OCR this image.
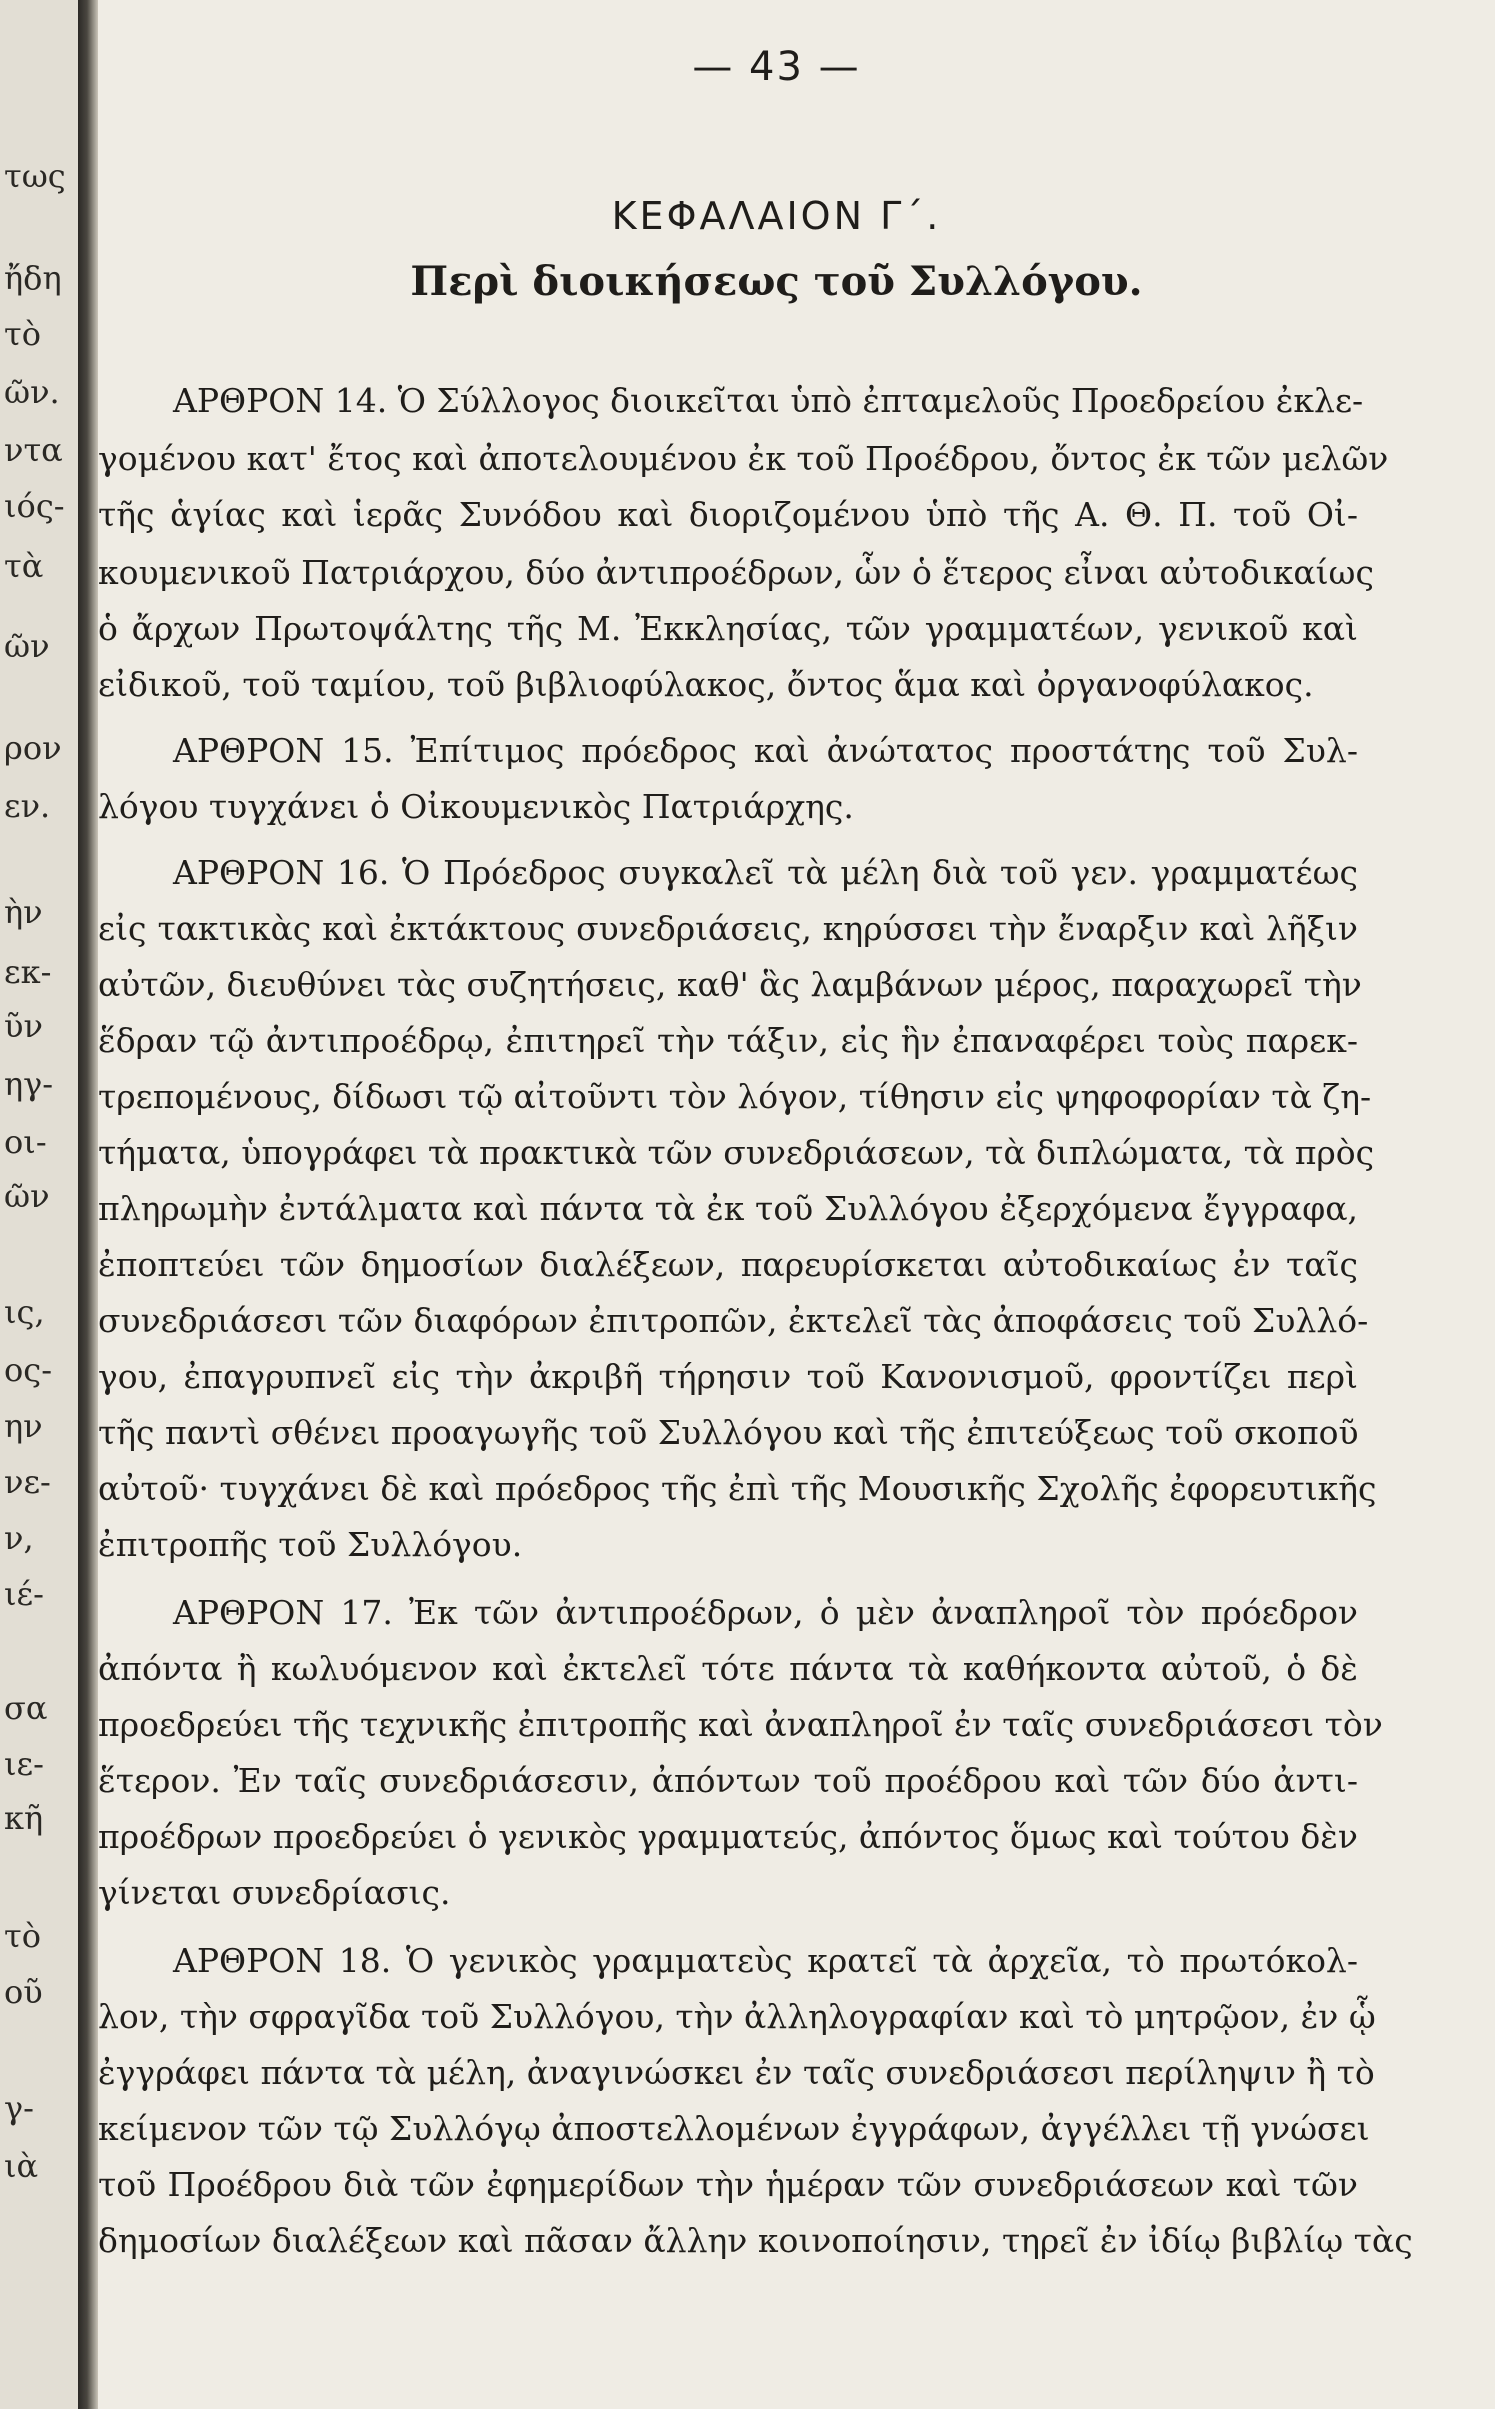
τως
ἤδη
τὸ
ῶν.
ντα
ιός-
τὰ
ῶν
ρον
εν.
ὴν
εκ-
ῦν
ηγ-
οι-
ῶν
ις,
ος-
ην
νε-
ν,
ιέ-
σα
ιε-
κῆ
τὸ
οῦ
γ-
ιὰ
— 43 —
ΚΕΦΑΛΑΙΟΝ Γ΄.
Περὶ διοικήσεως τοῦ Συλλόγου.
ΑΡΘΡΟΝ 14. Ὁ Σύλλογος διοικεῖται ὑπὸ ἐπταμελοῦς Προεδρείου ἐκλε-
γομένου κατ' ἔτος καὶ ἀποτελουμένου ἐκ τοῦ Προέδρου, ὄντος ἐκ τῶν μελῶν
τῆς ἁγίας καὶ ἱερᾶς Συνόδου καὶ διοριζομένου ὑπὸ τῆς Α. Θ. Π. τοῦ Οἰ-
κουμενικοῦ Πατριάρχου, δύο ἀντιπροέδρων, ὧν ὁ ἕτερος εἶναι αὐτοδικαίως
ὁ ἄρχων Πρωτοψάλτης τῆς Μ. Ἐκκλησίας, τῶν γραμματέων, γενικοῦ καὶ
εἰδικοῦ, τοῦ ταμίου, τοῦ βιβλιοφύλακος, ὄντος ἅμα καὶ ὀργανοφύλακος.
ΑΡΘΡΟΝ 15. Ἐπίτιμος πρόεδρος καὶ ἀνώτατος προστάτης τοῦ Συλ-
λόγου τυγχάνει ὁ Οἰκουμενικὸς Πατριάρχης.
ΑΡΘΡΟΝ 16. Ὁ Πρόεδρος συγκαλεῖ τὰ μέλη διὰ τοῦ γεν. γραμματέως
εἰς τακτικὰς καὶ ἐκτάκτους συνεδριάσεις, κηρύσσει τὴν ἔναρξιν καὶ λῆξιν
αὐτῶν, διευθύνει τὰς συζητήσεις, καθ' ἃς λαμβάνων μέρος, παραχωρεῖ τὴν
ἕδραν τῷ ἀντιπροέδρῳ, ἐπιτηρεῖ τὴν τάξιν, εἰς ἣν ἐπαναφέρει τοὺς παρεκ-
τρεπομένους, δίδωσι τῷ αἰτοῦντι τὸν λόγον, τίθησιν εἰς ψηφοφορίαν τὰ ζη-
τήματα, ὑπογράφει τὰ πρακτικὰ τῶν συνεδριάσεων, τὰ διπλώματα, τὰ πρὸς
πληρωμὴν ἐντάλματα καὶ πάντα τὰ ἐκ τοῦ Συλλόγου ἐξερχόμενα ἔγγραφα,
ἐποπτεύει τῶν δημοσίων διαλέξεων, παρευρίσκεται αὐτοδικαίως ἐν ταῖς
συνεδριάσεσι τῶν διαφόρων ἐπιτροπῶν, ἐκτελεῖ τὰς ἀποφάσεις τοῦ Συλλό-
γου, ἐπαγρυπνεῖ εἰς τὴν ἀκριβῆ τήρησιν τοῦ Κανονισμοῦ, φροντίζει περὶ
τῆς παντὶ σθένει προαγωγῆς τοῦ Συλλόγου καὶ τῆς ἐπιτεύξεως τοῦ σκοποῦ
αὐτοῦ· τυγχάνει δὲ καὶ πρόεδρος τῆς ἐπὶ τῆς Μουσικῆς Σχολῆς ἐφορευτικῆς
ἐπιτροπῆς τοῦ Συλλόγου.
ΑΡΘΡΟΝ 17. Ἐκ τῶν ἀντιπροέδρων, ὁ μὲν ἀναπληροῖ τὸν πρόεδρον
ἀπόντα ἢ κωλυόμενον καὶ ἐκτελεῖ τότε πάντα τὰ καθήκοντα αὐτοῦ, ὁ δὲ
προεδρεύει τῆς τεχνικῆς ἐπιτροπῆς καὶ ἀναπληροῖ ἐν ταῖς συνεδριάσεσι τὸν
ἕτερον. Ἐν ταῖς συνεδριάσεσιν, ἀπόντων τοῦ προέδρου καὶ τῶν δύο ἀντι-
προέδρων προεδρεύει ὁ γενικὸς γραμματεύς, ἀπόντος ὅμως καὶ τούτου δὲν
γίνεται συνεδρίασις.
ΑΡΘΡΟΝ 18. Ὁ γενικὸς γραμματεὺς κρατεῖ τὰ ἀρχεῖα, τὸ πρωτόκολ-
λον, τὴν σφραγῖδα τοῦ Συλλόγου, τὴν ἀλληλογραφίαν καὶ τὸ μητρῷον, ἐν ᾧ
ἐγγράφει πάντα τὰ μέλη, ἀναγινώσκει ἐν ταῖς συνεδριάσεσι περίληψιν ἢ τὸ
κείμενον τῶν τῷ Συλλόγῳ ἀποστελλομένων ἐγγράφων, ἀγγέλλει τῇ γνώσει
τοῦ Προέδρου διὰ τῶν ἐφημερίδων τὴν ἡμέραν τῶν συνεδριάσεων καὶ τῶν
δημοσίων διαλέξεων καὶ πᾶσαν ἄλλην κοινοποίησιν, τηρεῖ ἐν ἰδίῳ βιβλίῳ τὰς
